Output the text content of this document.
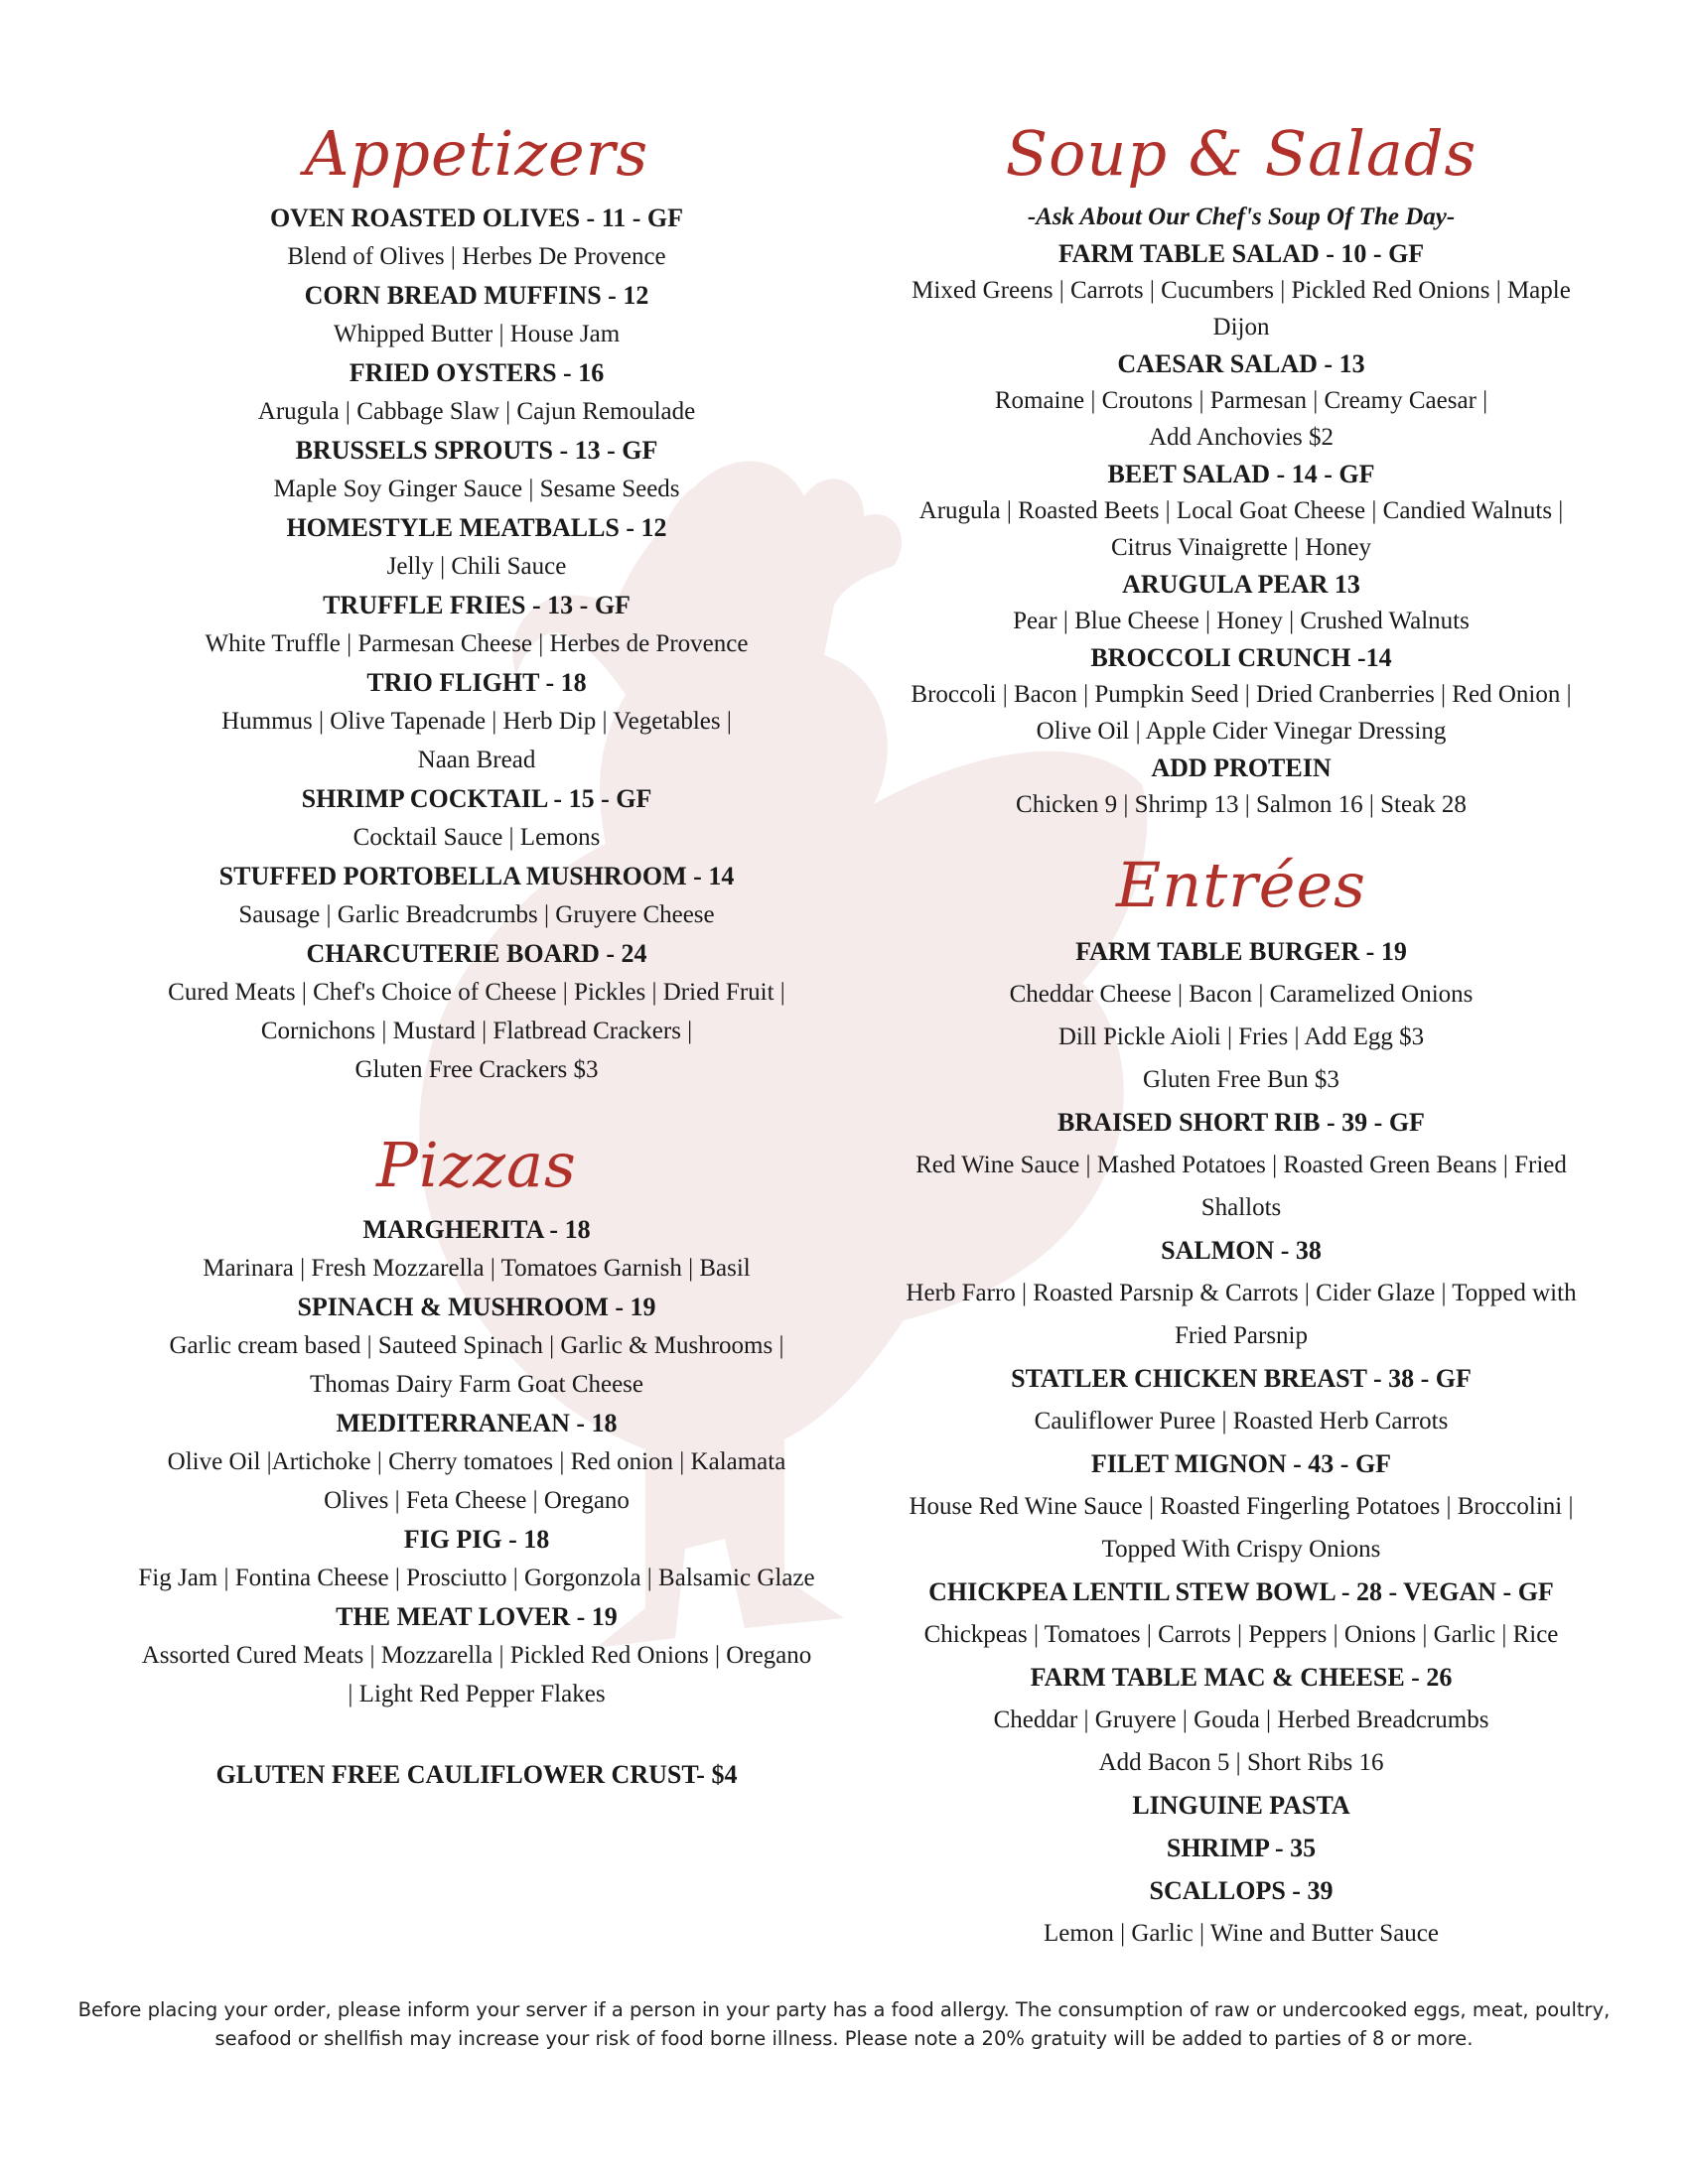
Appetizers

OVEN ROASTED OLIVES - 11 - GF

Blend of Olives | Herbes De Provence

CORN BREAD MUFFINS - 12

Whipped Butter | House Jam

FRIED OYSTERS - 16

Arugula | Cabbage Slaw | Cajun Remoulade

BRUSSELS SPROUTS - 13 - GF

Maple Soy Ginger Sauce | Sesame Seeds

HOMESTYLE MEATBALLS - 12

Jelly | Chili Sauce

TRUFFLE FRIES - 13 - GF

White Truffle | Parmesan Cheese | Herbes de Provence

TRIO FLIGHT - 18

Hummus | Olive Tapenade | Herb Dip | Vegetables |

Naan Bread

SHRIMP COCKTAIL - 15 - GF

Cocktail Sauce | Lemons

STUFFED PORTOBELLA MUSHROOM - 14

Sausage | Garlic Breadcrumbs | Gruyere Cheese

CHARCUTERIE BOARD - 24

Cured Meats | Chef's Choice of Cheese | Pickles | Dried Fruit |

Cornichons | Mustard | Flatbread Crackers |

Gluten Free Crackers $3

Pizzas

MARGHERITA - 18

Marinara | Fresh Mozzarella | Tomatoes Garnish | Basil

SPINACH & MUSHROOM - 19

Garlic cream based | Sauteed Spinach | Garlic & Mushrooms |

Thomas Dairy Farm Goat Cheese

MEDITERRANEAN - 18

Olive Oil |Artichoke | Cherry tomatoes | Red onion | Kalamata

Olives | Feta Cheese | Oregano

FIG PIG - 18

Fig Jam | Fontina Cheese | Prosciutto | Gorgonzola | Balsamic Glaze

THE MEAT LOVER - 19

Assorted Cured Meats | Mozzarella | Pickled Red Onions | Oregano

| Light Red Pepper Flakes

GLUTEN FREE CAULIFLOWER CRUST- $4

Soup & Salads

-Ask About Our Chef's Soup Of The Day-

FARM TABLE SALAD - 10 - GF

Mixed Greens | Carrots | Cucumbers | Pickled Red Onions | Maple

Dijon

CAESAR SALAD - 13

Romaine | Croutons | Parmesan | Creamy Caesar |

Add Anchovies $2

BEET SALAD - 14 - GF

Arugula | Roasted Beets | Local Goat Cheese | Candied Walnuts |

Citrus Vinaigrette | Honey

ARUGULA PEAR 13

Pear | Blue Cheese | Honey | Crushed Walnuts

BROCCOLI CRUNCH -14

Broccoli | Bacon | Pumpkin Seed | Dried Cranberries | Red Onion |

Olive Oil | Apple Cider Vinegar Dressing

ADD PROTEIN

Chicken 9 | Shrimp 13 | Salmon 16 | Steak 28

Entrées

FARM TABLE BURGER - 19

Cheddar Cheese | Bacon | Caramelized Onions

Dill Pickle Aioli | Fries | Add Egg $3

Gluten Free Bun $3

BRAISED SHORT RIB - 39 - GF

Red Wine Sauce | Mashed Potatoes | Roasted Green Beans | Fried

Shallots

SALMON - 38

Herb Farro | Roasted Parsnip & Carrots | Cider Glaze | Topped with

Fried Parsnip

STATLER CHICKEN BREAST - 38 - GF

Cauliflower Puree | Roasted Herb Carrots

FILET MIGNON - 43 - GF

House Red Wine Sauce | Roasted Fingerling Potatoes | Broccolini |

Topped With Crispy Onions

CHICKPEA LENTIL STEW BOWL - 28 - VEGAN - GF

Chickpeas | Tomatoes | Carrots | Peppers | Onions | Garlic | Rice

FARM TABLE MAC & CHEESE - 26

Cheddar | Gruyere | Gouda | Herbed Breadcrumbs

Add Bacon 5 | Short Ribs 16

LINGUINE PASTA

SHRIMP - 35

SCALLOPS - 39

Lemon | Garlic | Wine and Butter Sauce

Before placing your order, please inform your server if a person in your party has a food allergy. The consumption of raw or undercooked eggs, meat, poultry,
seafood or shellfish may increase your risk of food borne illness. Please note a 20% gratuity will be added to parties of 8 or more.
